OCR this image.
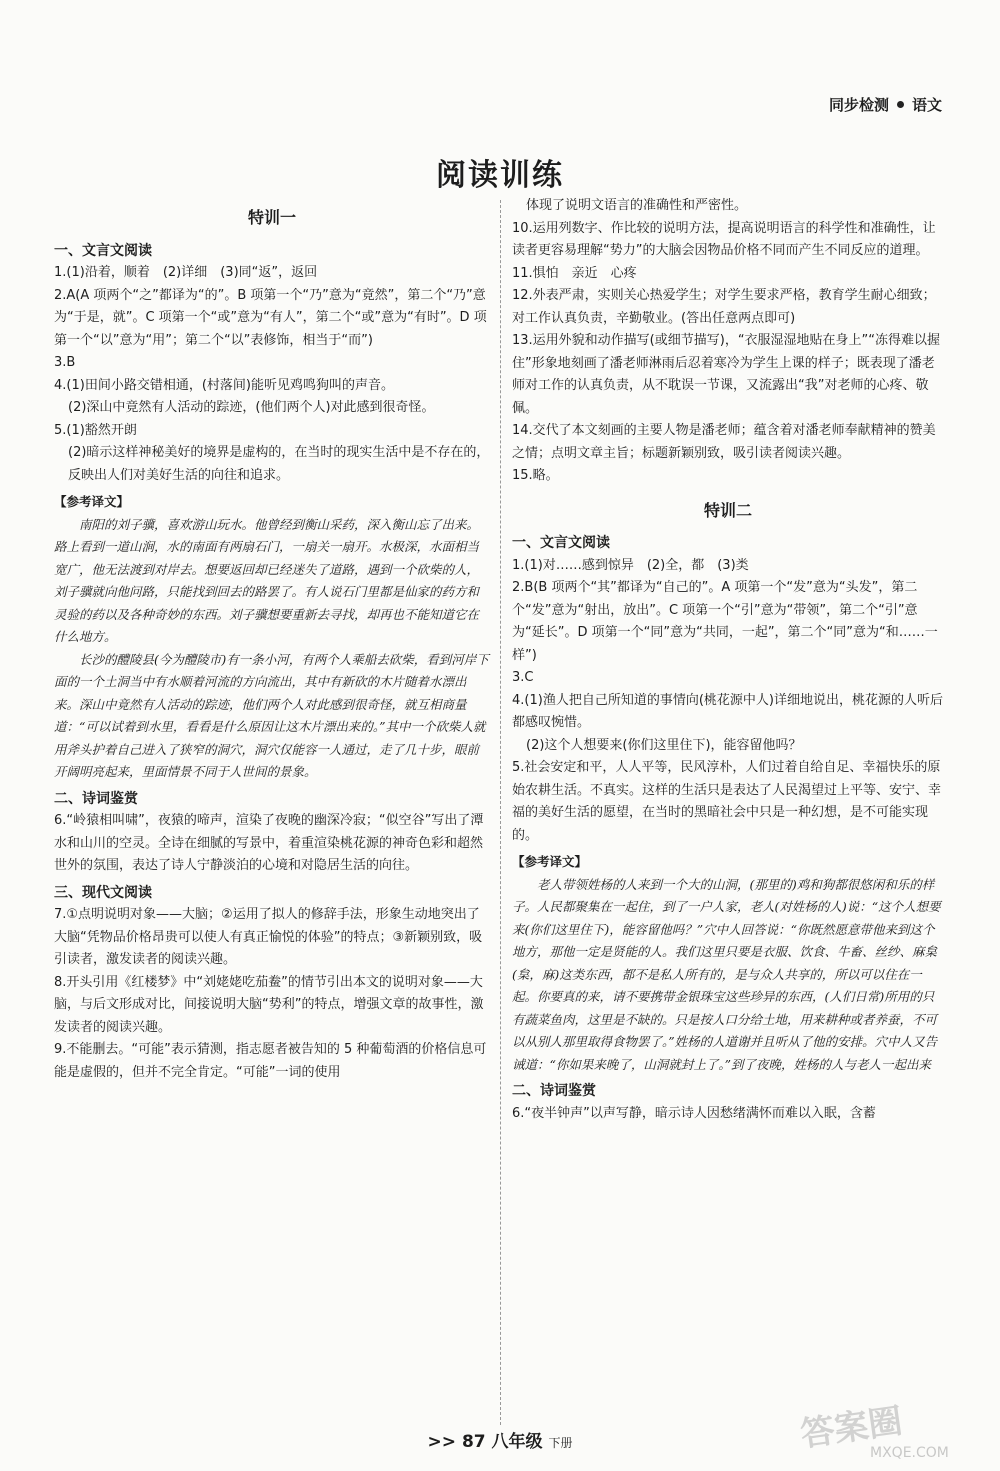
同步检测 语文
阅读训练
特训一
一、文言文阅读
1.(1)沿着，顺着　(2)详细　(3)同“返”，返回
2.A(A 项两个“之”都译为“的”。B 项第一个“乃”意为“竟然”，第二个“乃”意为“于是，就”。C 项第一个“或”意为“有人”，第二个“或”意为“有时”。D 项第一个“以”意为“用”；第二个“以”表修饰，相当于“而”)
3.B
4.(1)田间小路交错相通，(村落间)能听见鸡鸣狗叫的声音。
(2)深山中竟然有人活动的踪迹，(他们两个人)对此感到很奇怪。
5.(1)豁然开朗
(2)暗示这样神秘美好的境界是虚构的，在当时的现实生活中是不存在的，反映出人们对美好生活的向往和追求。
【参考译文】
南阳的刘子骥，喜欢游山玩水。他曾经到衡山采药，深入衡山忘了出来。路上看到一道山涧，水的南面有两扇石门，一扇关一扇开。水极深，水面相当宽广，他无法渡到对岸去。想要返回却已经迷失了道路，遇到一个砍柴的人，刘子骥就向他问路，只能找到回去的路罢了。有人说石门里都是仙家的药方和灵验的药以及各种奇妙的东西。刘子骥想要重新去寻找，却再也不能知道它在什么地方。
长沙的醴陵县(今为醴陵市)有一条小河，有两个人乘船去砍柴，看到河岸下面的一个土洞当中有水顺着河流的方向流出，其中有新砍的木片随着水漂出来。深山中竟然有人活动的踪迹，他们两个人对此感到很奇怪，就互相商量道：“可以试着到水里，看看是什么原因让这木片漂出来的。”其中一个砍柴人就用斧头护着自己进入了狭窄的洞穴，洞穴仅能容一人通过，走了几十步，眼前开阔明亮起来，里面情景不同于人世间的景象。
二、诗词鉴赏
6.“岭猿相叫啸”，夜猿的啼声，渲染了夜晚的幽深冷寂；“似空谷”写出了潭水和山川的空灵。全诗在细腻的写景中，着重渲染桃花源的神奇色彩和超然世外的氛围，表达了诗人宁静淡泊的心境和对隐居生活的向往。
三、现代文阅读
7.①点明说明对象——大脑；②运用了拟人的修辞手法，形象生动地突出了大脑“凭物品价格昂贵可以使人有真正愉悦的体验”的特点；③新颖别致，吸引读者，激发读者的阅读兴趣。
8.开头引用《红楼梦》中“刘姥姥吃茄鲞”的情节引出本文的说明对象——大脑，与后文形成对比，间接说明大脑“势利”的特点，增强文章的故事性，激发读者的阅读兴趣。
9.不能删去。“可能”表示猜测，指志愿者被告知的 5 种葡萄酒的价格信息可能是虚假的，但并不完全肯定。“可能”一词的使用
体现了说明文语言的准确性和严密性。
10.运用列数字、作比较的说明方法，提高说明语言的科学性和准确性，让读者更容易理解“势力”的大脑会因物品价格不同而产生不同反应的道理。
11.惧怕　亲近　心疼
12.外表严肃，实则关心热爱学生；对学生要求严格，教育学生耐心细致；对工作认真负责，辛勤敬业。(答出任意两点即可)
13.运用外貌和动作描写(或细节描写)，“衣服湿湿地贴在身上”“冻得难以握住”形象地刻画了潘老师淋雨后忍着寒冷为学生上课的样子；既表现了潘老师对工作的认真负责，从不耽误一节课，又流露出“我”对老师的心疼、敬佩。
14.交代了本文刻画的主要人物是潘老师；蕴含着对潘老师奉献精神的赞美之情；点明文章主旨；标题新颖别致，吸引读者阅读兴趣。
15.略。
特训二
一、文言文阅读
1.(1)对……感到惊异　(2)全，都　(3)类
2.B(B 项两个“其”都译为“自己的”。A 项第一个“发”意为“头发”，第二个“发”意为“射出，放出”。C 项第一个“引”意为“带领”，第二个“引”意为“延长”。D 项第一个“同”意为“共同，一起”，第二个“同”意为“和……一样”)
3.C
4.(1)渔人把自己所知道的事情向(桃花源中人)详细地说出，桃花源的人听后都感叹惋惜。
(2)这个人想要来(你们这里住下)，能容留他吗？
5.社会安定和平，人人平等，民风淳朴，人们过着自给自足、幸福快乐的原始农耕生活。不真实。这样的生活只是表达了人民渴望过上平等、安宁、幸福的美好生活的愿望，在当时的黑暗社会中只是一种幻想，是不可能实现的。
【参考译文】
老人带领姓杨的人来到一个大的山洞，(那里的)鸡和狗都很悠闲和乐的样子。人民都聚集在一起住，到了一户人家，老人(对姓杨的人)说：“这个人想要来(你们这里住下)，能容留他吗？”穴中人回答说：“你既然愿意带他来到这个地方，那他一定是贤能的人。我们这里只要是衣服、饮食、牛畜、丝纱、麻枲(枲，麻)这类东西，都不是私人所有的，是与众人共享的，所以可以住在一起。你要真的来，请不要携带金银珠宝这些珍异的东西，(人们日常)所用的只有蔬菜鱼肉，这里是不缺的。只是按人口分给土地，用来耕种或者养蚕，不可以从别人那里取得食物罢了。”姓杨的人道谢并且听从了他的安排。穴中人又告诫道：“你如果来晚了，山洞就封上了。”到了夜晚，姓杨的人与老人一起出来
二、诗词鉴赏
6.“夜半钟声”以声写静，暗示诗人因愁绪满怀而难以入眠，含蓄
>> 87 八年级 下册	答案圈
MXQE.COM
